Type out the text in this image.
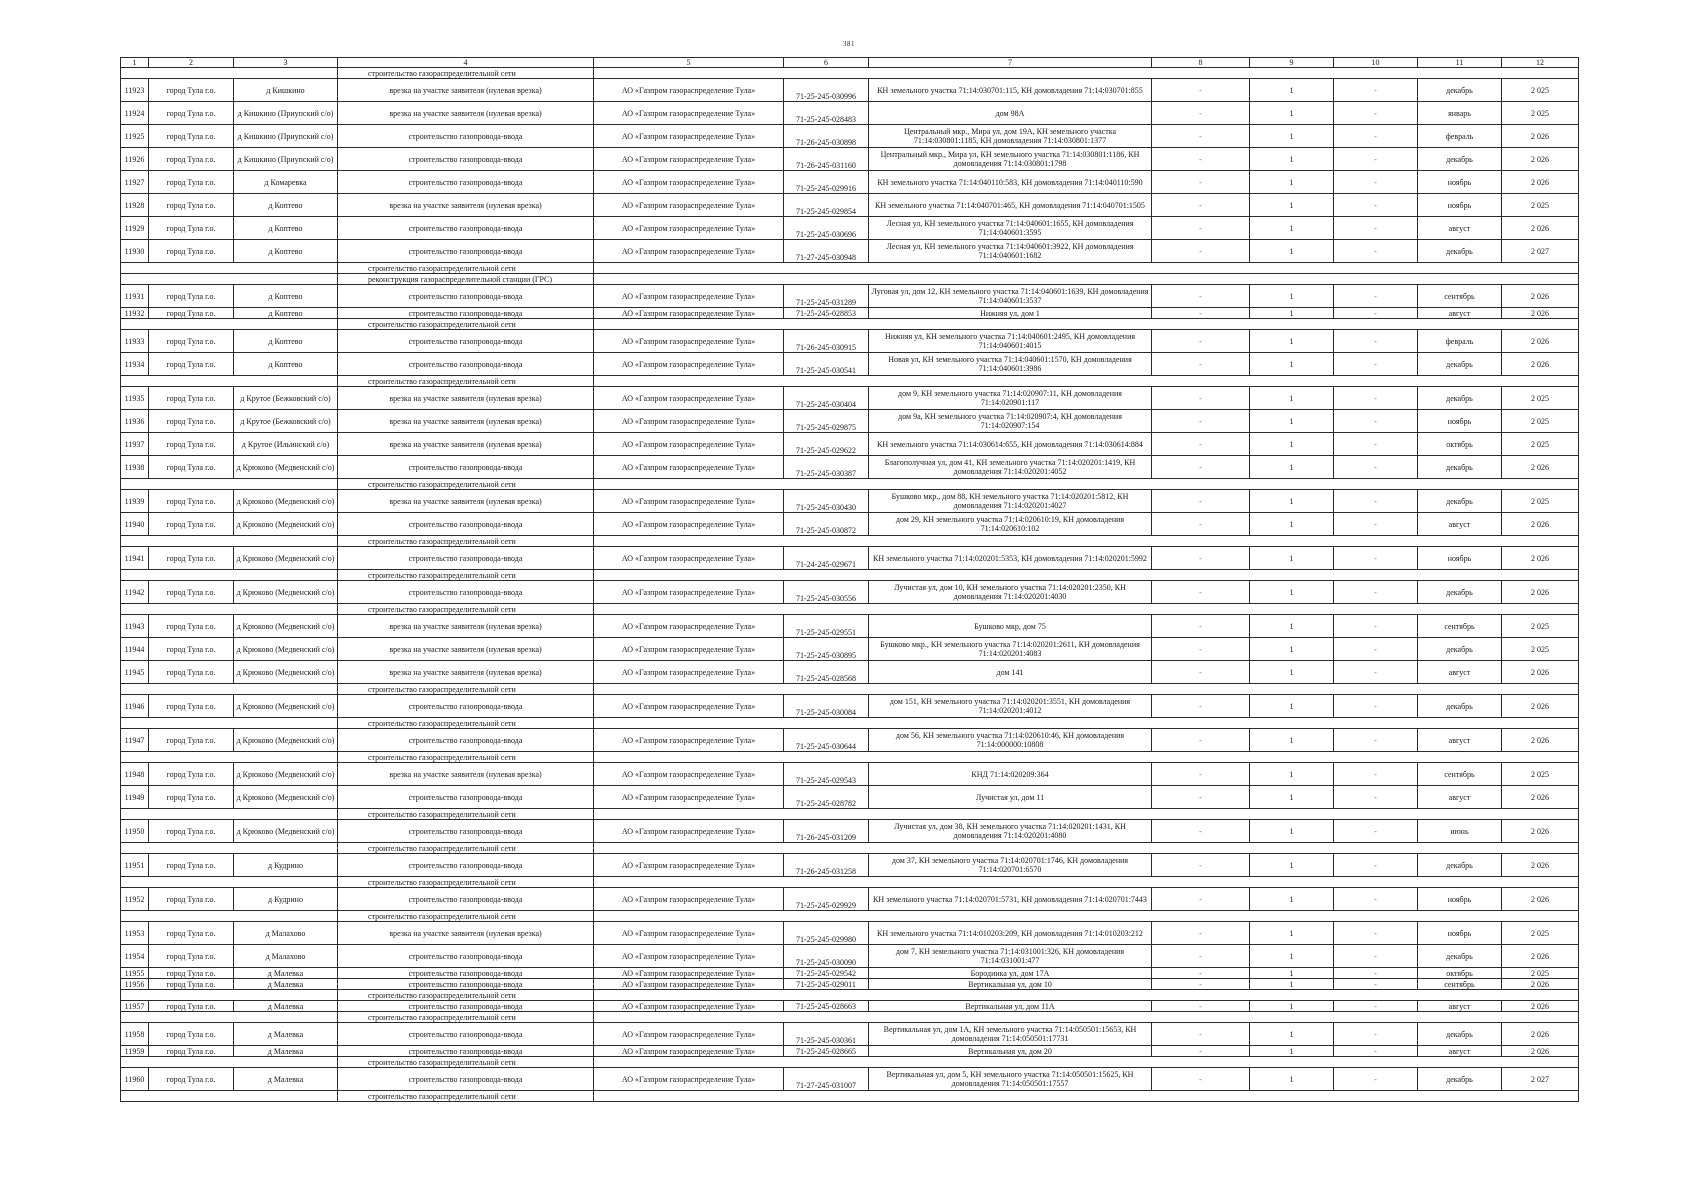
381
1	2	3	4	5	6	7	8	9	10	11	12
			строительство газораспределительной сети								
11923	город Тула г.о.	д Кишкино	врезка на участке заявителя (нулевая врезка)	АО «Газпром газораспределение Тула»	71-25-245-030996	КН земельного участка 71:14:030701:115, КН домовладения 71:14:030701:855	-	1	-	декабрь	2 025
11924	город Тула г.о.	д Кишкино (Приупский с/о)	врезка на участке заявителя (нулевая врезка)	АО «Газпром газораспределение Тула»	71-25-245-028483	дом 98А	-	1	-	январь	2 025
11925	город Тула г.о.	д Кишкино (Приупский с/о)	строительство газопровода-ввода	АО «Газпром газораспределение Тула»	71-26-245-030898	Центральный мкр., Мира ул, дом 19А, КН земельного участка 71:14:030801:1185, КН домовладения 71:14:030801:1377	-	1	-	февраль	2 026
11926	город Тула г.о.	д Кишкино (Приупский с/о)	строительство газопровода-ввода	АО «Газпром газораспределение Тула»	71-26-245-031160	Центральный мкр., Мира ул, КН земельного участка 71:14:030801:1186, КН домовладения 71:14:030801:1798	-	1	-	декабрь	2 026
11927	город Тула г.о.	д Комаревка	строительство газопровода-ввода	АО «Газпром газораспределение Тула»	71-25-245-029916	КН земельного участка 71:14:040110:583, КН домовладения 71:14:040110:590	-	1	-	ноябрь	2 026
11928	город Тула г.о.	д Коптево	врезка на участке заявителя (нулевая врезка)	АО «Газпром газораспределение Тула»	71-25-245-029854	КН земельного участка 71:14:040701:465, КН домовладения 71:14:040701:1505	-	1	-	ноябрь	2 025
11929	город Тула г.о.	д Коптево	строительство газопровода-ввода	АО «Газпром газораспределение Тула»	71-25-245-030696	Лесная ул, КН земельного участка 71:14:040601:1655, КН домовладения 71:14:040601:3595	-	1	-	август	2 026
11930	город Тула г.о.	д Коптево	строительство газопровода-ввода	АО «Газпром газораспределение Тула»	71-27-245-030948	Лесная ул, КН земельного участка 71:14:040601:3922, КН домовладения 71:14:040601:1682	-	1	-	декабрь	2 027
			строительство газораспределительной сети								
			реконструкция газораспределительной станции (ГРС)								
11931	город Тула г.о.	д Коптево	строительство газопровода-ввода	АО «Газпром газораспределение Тула»	71-25-245-031289	Луговая ул, дом 12, КН земельного участка 71:14:040601:1639, КН домовладения 71:14:040601:3537	-	1	-	сентябрь	2 026
11932	город Тула г.о.	д Коптево	строительство газопровода-ввода	АО «Газпром газораспределение Тула»	71-25-245-028853	Нижняя ул, дом 1	-	1	-	август	2 026
			строительство газораспределительной сети								
11933	город Тула г.о.	д Коптево	строительство газопровода-ввода	АО «Газпром газораспределение Тула»	71-26-245-030915	Нижняя ул, КН земельного участка 71:14:040601:2495, КН домовладения 71:14:040601:4015	-	1	-	февраль	2 026
11934	город Тула г.о.	д Коптево	строительство газопровода-ввода	АО «Газпром газораспределение Тула»	71-25-245-030541	Новая ул, КН земельного участка 71:14:040601:1570, КН домовладения 71:14:040601:3986	-	1	-	декабрь	2 026
			строительство газораспределительной сети								
11935	город Тула г.о.	д Крутое (Бежковский с/о)	врезка на участке заявителя (нулевая врезка)	АО «Газпром газораспределение Тула»	71-25-245-030404	дом 9, КН земельного участка 71:14:020907:11, КН домовладения 71:14:020901:117	-	1	-	декабрь	2 025
11936	город Тула г.о.	д Крутое (Бежковский с/о)	врезка на участке заявителя (нулевая врезка)	АО «Газпром газораспределение Тула»	71-25-245-029875	дом 9а, КН земельного участка 71:14:020907:4, КН домовладения 71:14:020907:154	-	1	-	ноябрь	2 025
11937	город Тула г.о.	д Крутое (Ильинский с/о)	врезка на участке заявителя (нулевая врезка)	АО «Газпром газораспределение Тула»	71-25-245-029622	КН земельного участка 71:14:030614:655, КН домовладения 71:14:030614:884	-	1	-	октябрь	2 025
11938	город Тула г.о.	д Крюково (Медвенский с/о)	строительство газопровода-ввода	АО «Газпром газораспределение Тула»	71-25-245-030387	Благополучная ул, дом 41, КН земельного участка 71:14:020201:1419, КН домовладения 71:14:020201:4052	-	1	-	декабрь	2 026
			строительство газораспределительной сети								
11939	город Тула г.о.	д Крюково (Медвенский с/о)	врезка на участке заявителя (нулевая врезка)	АО «Газпром газораспределение Тула»	71-25-245-030430	Бушково мкр., дом 88, КН земельного участка 71:14:020201:5812, КН домовладения 71:14:020201:4027	-	1	-	декабрь	2 025
11940	город Тула г.о.	д Крюково (Медвенский с/о)	строительство газопровода-ввода	АО «Газпром газораспределение Тула»	71-25-245-030872	дом 29, КН земельного участка 71:14:020610:19, КН домовладения 71:14:020610:102	-	1	-	август	2 026
			строительство газораспределительной сети								
11941	город Тула г.о.	д Крюково (Медвенский с/о)	строительство газопровода-ввода	АО «Газпром газораспределение Тула»	71-24-245-029671	КН земельного участка 71:14:020201:5353, КН домовладения 71:14:020201:5992	-	1	-	ноябрь	2 026
			строительство газораспределительной сети								
11942	город Тула г.о.	д Крюково (Медвенский с/о)	строительство газопровода-ввода	АО «Газпром газораспределение Тула»	71-25-245-030556	Лучистая ул, дом 10, КН земельного участка 71:14:020201:2350, КН домовладения 71:14:020201:4030	-	1	-	декабрь	2 026
			строительство газораспределительной сети								
11943	город Тула г.о.	д Крюково (Медвенский с/о)	врезка на участке заявителя (нулевая врезка)	АО «Газпром газораспределение Тула»	71-25-245-029551	Бушково мкр, дом 75	-	1	-	сентябрь	2 025
11944	город Тула г.о.	д Крюково (Медвенский с/о)	врезка на участке заявителя (нулевая врезка)	АО «Газпром газораспределение Тула»	71-25-245-030895	Бушково мкр., КН земельного участка 71:14:020201:2611, КН домовладения 71:14:020201:4083	-	1	-	декабрь	2 025
11945	город Тула г.о.	д Крюково (Медвенский с/о)	врезка на участке заявителя (нулевая врезка)	АО «Газпром газораспределение Тула»	71-25-245-028568	дом 141	-	1	-	август	2 026
			строительство газораспределительной сети								
11946	город Тула г.о.	д Крюково (Медвенский с/о)	строительство газопровода-ввода	АО «Газпром газораспределение Тула»	71-25-245-030084	дом 151, КН земельного участка 71:14:020201:3551, КН домовладения 71:14:020201:4012	-	1	-	декабрь	2 026
			строительство газораспределительной сети								
11947	город Тула г.о.	д Крюково (Медвенский с/о)	строительство газопровода-ввода	АО «Газпром газораспределение Тула»	71-25-245-030644	дом 56, КН земельного участка 71:14:020610:46, КН домовладения 71:14:000000:10808	-	1	-	август	2 026
			строительство газораспределительной сети								
11948	город Тула г.о.	д Крюково (Медвенский с/о)	врезка на участке заявителя (нулевая врезка)	АО «Газпром газораспределение Тула»	71-25-245-029543	КНД 71:14:020209:364	-	1	-	сентябрь	2 025
11949	город Тула г.о.	д Крюково (Медвенский с/о)	строительство газопровода-ввода	АО «Газпром газораспределение Тула»	71-25-245-028782	Лучистая ул, дом 11	-	1	-	август	2 026
			строительство газораспределительной сети								
11950	город Тула г.о.	д Крюково (Медвенский с/о)	строительство газопровода-ввода	АО «Газпром газораспределение Тула»	71-26-245-031209	Лучистая ул, дом 38, КН земельного участка 71:14:020201:1431, КН домовладения 71:14:020201:4080	-	1	-	июнь	2 026
			строительство газораспределительной сети								
11951	город Тула г.о.	д Кудрино	строительство газопровода-ввода	АО «Газпром газораспределение Тула»	71-26-245-031258	дом 37, КН земельного участка 71:14:020701:1746, КН домовладения 71:14:020701:6570	-	1	-	декабрь	2 026
			строительство газораспределительной сети								
11952	город Тула г.о.	д Кудрино	строительство газопровода-ввода	АО «Газпром газораспределение Тула»	71-25-245-029929	КН земельного участка 71:14:020701:5731, КН домовладения 71:14:020701:7443	-	1	-	ноябрь	2 026
			строительство газораспределительной сети								
11953	город Тула г.о.	д Малахово	врезка на участке заявителя (нулевая врезка)	АО «Газпром газораспределение Тула»	71-25-245-029980	КН земельного участка 71:14:010203:209, КН домовладения 71:14:010203:212	-	1	-	ноябрь	2 025
11954	город Тула г.о.	д Малахово	строительство газопровода-ввода	АО «Газпром газораспределение Тула»	71-25-245-030090	дом 7, КН земельного участка 71:14:031001:326, КН домовладения 71:14:031001:477	-	1	-	декабрь	2 026
11955	город Тула г.о.	д Малевка	строительство газопровода-ввода	АО «Газпром газораспределение Тула»	71-25-245-029542	Бородинка ул, дом 17А	-	1	-	октябрь	2 025
11956	город Тула г.о.	д Малевка	строительство газопровода-ввода	АО «Газпром газораспределение Тула»	71-25-245-029011	Вертикальная ул, дом 10	-	1	-	сентябрь	2 026
			строительство газораспределительной сети								
11957	город Тула г.о.	д Малевка	строительство газопровода-ввода	АО «Газпром газораспределение Тула»	71-25-245-028663	Вертикальная ул, дом 11А	-	1	-	август	2 026
			строительство газораспределительной сети								
11958	город Тула г.о.	д Малевка	строительство газопровода-ввода	АО «Газпром газораспределение Тула»	71-25-245-030361	Вертикальная ул, дом 1А, КН земельного участка 71:14:050501:15653, КН домовладения 71:14:050501:17731	-	1	-	декабрь	2 026
11959	город Тула г.о.	д Малевка	строительство газопровода-ввода	АО «Газпром газораспределение Тула»	71-25-245-028665	Вертикальная ул, дом 20	-	1	-	август	2 026
			строительство газораспределительной сети								
11960	город Тула г.о.	д Малевка	строительство газопровода-ввода	АО «Газпром газораспределение Тула»	71-27-245-031007	Вертикальная ул, дом 5, КН земельного участка 71:14:050501:15625, КН домовладения 71:14:050501:17557	-	1	-	декабрь	2 027
			строительство газораспределительной сети								
